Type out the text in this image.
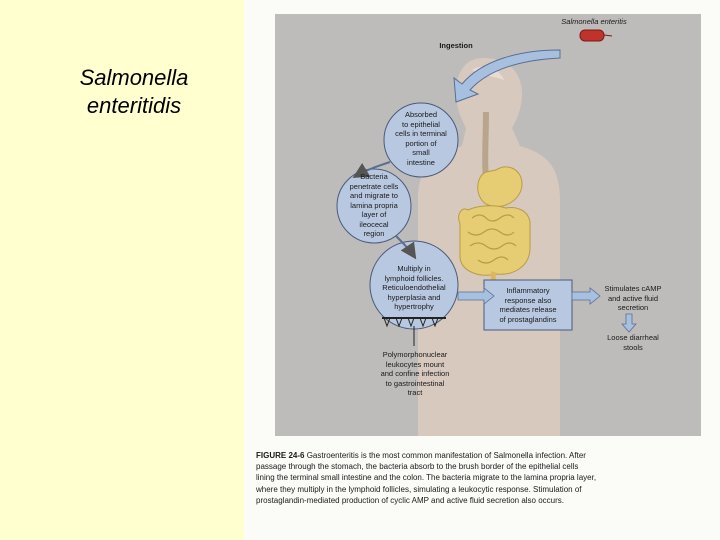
Salmonella
enteritidis
Salmonella enteritis
Ingestion
Absorbed
to epithelial
cells in terminal
portion of
small
intestine
Bacteria
penetrate cells
and migrate to
lamina propria
layer of
ileocecal
region
Multiply in
lymphoid follicles.
Reticuloendothelial
hyperplasia and
hypertrophy
Inflammatory
response also
mediates release
of prostaglandins
Stimulates cAMP
and active fluid
secretion
Loose diarrheal
stools
Polymorphonuclear
leukocytes mount
and confine infection
to gastrointestinal
tract
FIGURE 24-6 Gastroenteritis is the most common manifestation of Salmonella infection. After
passage through the stomach, the bacteria absorb to the brush border of the epithelial cells
lining the terminal small intestine and the colon. The bacteria migrate to the lamina propria layer,
where they multiply in the lymphoid follicles, simulating a leukocytic response. Stimulation of
prostaglandin-mediated production of cyclic AMP and active fluid secretion also occurs.
